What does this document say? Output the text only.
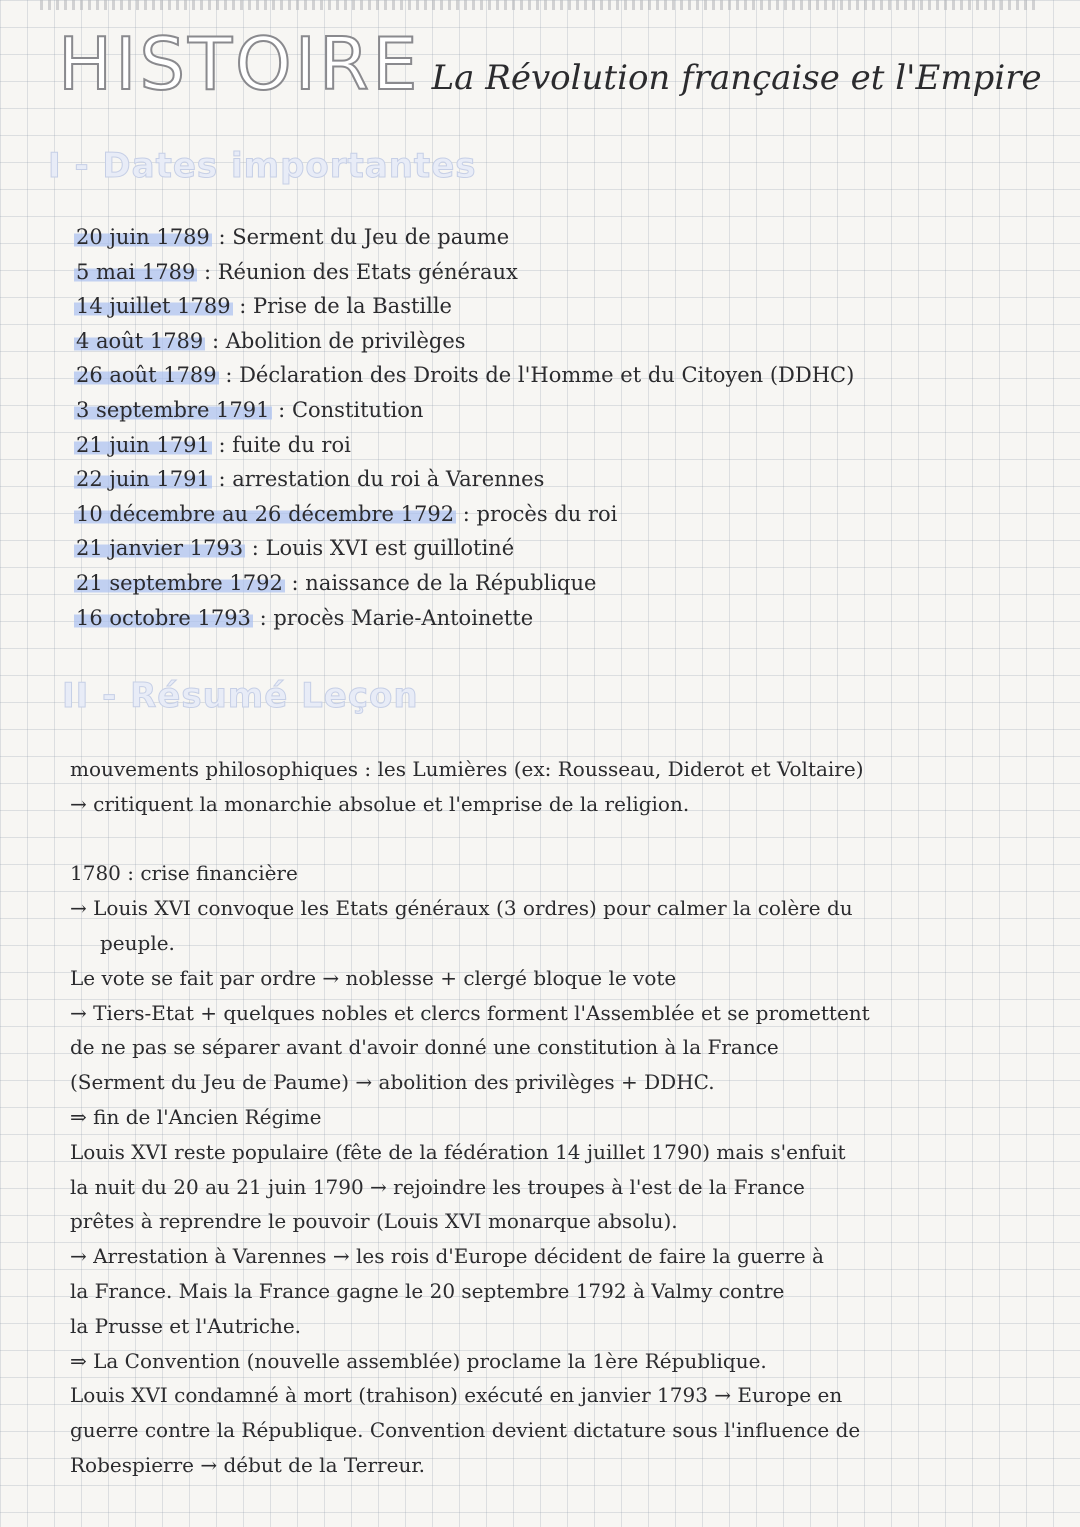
HISTOIRE La Révolution française et l'Empire
I - Dates importantes
20 juin 1789 : Serment du Jeu de paume
5 mai 1789 : Réunion des Etats généraux
14 juillet 1789 : Prise de la Bastille
4 août 1789 : Abolition de privilèges
26 août 1789 : Déclaration des Droits de l'Homme et du Citoyen (DDHC)
3 septembre 1791 : Constitution
21 juin 1791 : fuite du roi
22 juin 1791 : arrestation du roi à Varennes
10 décembre au 26 décembre 1792 : procès du roi
21 janvier 1793 : Louis XVI est guillotiné
21 septembre 1792 : naissance de la République
16 octobre 1793 : procès Marie-Antoinette
II - Résumé Leçon
mouvements philosophiques : les Lumières (ex: Rousseau, Diderot et Voltaire)
→ critiquent la monarchie absolue et l'emprise de la religion.
1780 : crise financière
→ Louis XVI convoque les Etats généraux (3 ordres) pour calmer la colère du
peuple.
Le vote se fait par ordre → noblesse + clergé bloque le vote
→ Tiers-Etat + quelques nobles et clercs forment l'Assemblée et se promettent
de ne pas se séparer avant d'avoir donné une constitution à la France
(Serment du Jeu de Paume) → abolition des privilèges + DDHC.
⇒ fin de l'Ancien Régime
Louis XVI reste populaire (fête de la fédération 14 juillet 1790) mais s'enfuit
la nuit du 20 au 21 juin 1790 → rejoindre les troupes à l'est de la France
prêtes à reprendre le pouvoir (Louis XVI monarque absolu).
→ Arrestation à Varennes → les rois d'Europe décident de faire la guerre à
la France. Mais la France gagne le 20 septembre 1792 à Valmy contre
la Prusse et l'Autriche.
⇒ La Convention (nouvelle assemblée) proclame la 1ère République.
Louis XVI condamné à mort (trahison) exécuté en janvier 1793 → Europe en
guerre contre la République. Convention devient dictature sous l'influence de
Robespierre → début de la Terreur.
